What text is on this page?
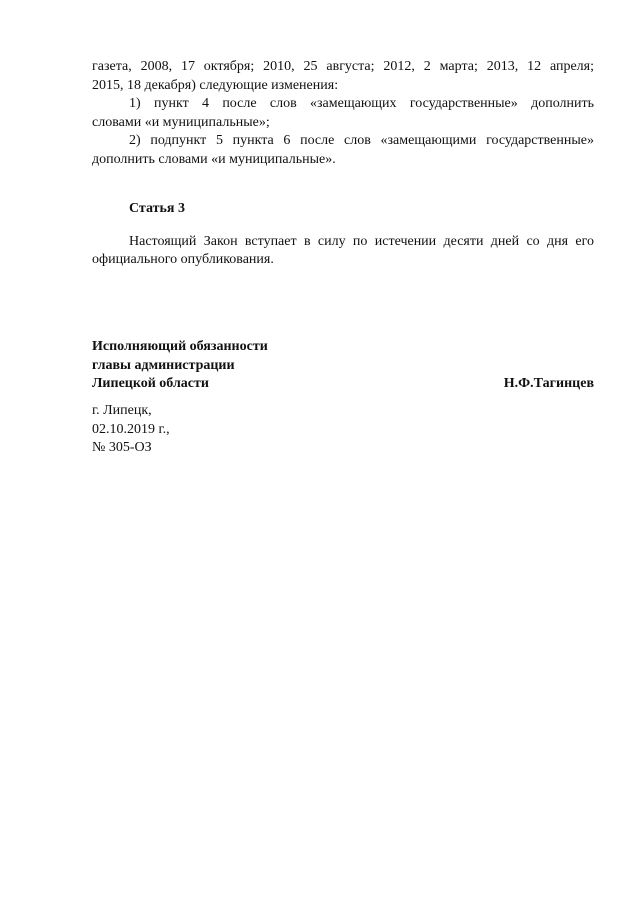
газета, 2008, 17 октября; 2010, 25 августа; 2012, 2 марта; 2013, 12 апреля;
2015, 18 декабря) следующие изменения:
1) пункт 4 после слов «замещающих государственные» дополнить
словами «и муниципальные»;
2) подпункт 5 пункта 6 после слов «замещающими государственные»
дополнить словами «и муниципальные».
Статья 3
Настоящий Закон вступает в силу по истечении десяти дней со дня его
официального опубликования.
Исполняющий обязанности
главы администрации
Липецкой области	Н.Ф.Тагинцев
г. Липецк,
02.10.2019 г.,
№ 305-ОЗ
